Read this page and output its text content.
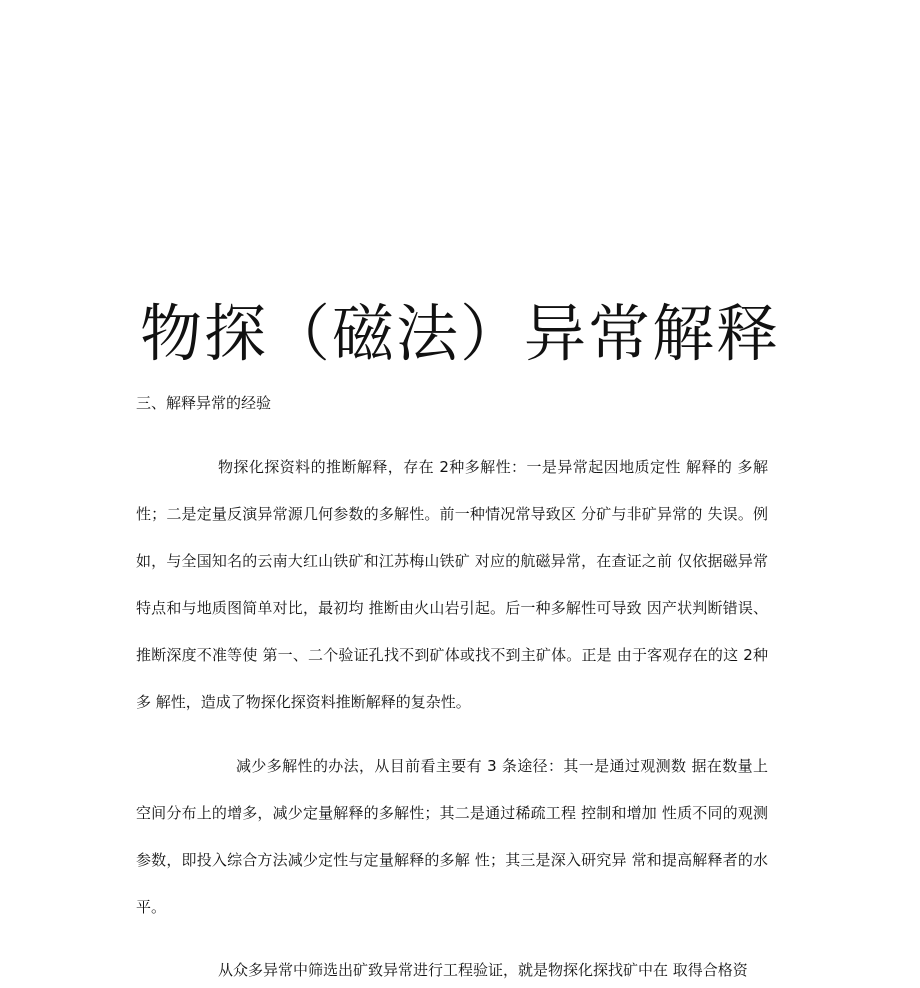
物探（磁法）异常解释

三、解释异常的经验

物探化探资料的推断解释，存在 2种多解性：一是异常起因地质定性 解释的 多解性；二是定量反演异常源几何参数的多解性。前一种情况常导致区 分矿与非矿异常的 失误。例如，与全国知名的云南大红山铁矿和江苏梅山铁矿 对应的航磁异常，在查证之前 仅依据磁异常特点和与地质图简单对比，最初均 推断由火山岩引起。后一种多解性可导致 因产状判断错误、推断深度不准等使 第一、二个验证孔找不到矿体或找不到主矿体。正是 由于客观存在的这 2种多 解性，造成了物探化探资料推断解释的复杂性。

减少多解性的办法，从目前看主要有 3 条途径：其一是通过观测数 据在数量上空间分布上的增多，减少定量解释的多解性；其二是通过稀疏工程 控制和增加 性质不同的观测参数，即投入综合方法减少定性与定量解释的多解 性；其三是深入研究异 常和提高解释者的水平。

从众多异常中筛选出矿致异常进行工程验证，就是物探化探找矿中在 取得合格资
